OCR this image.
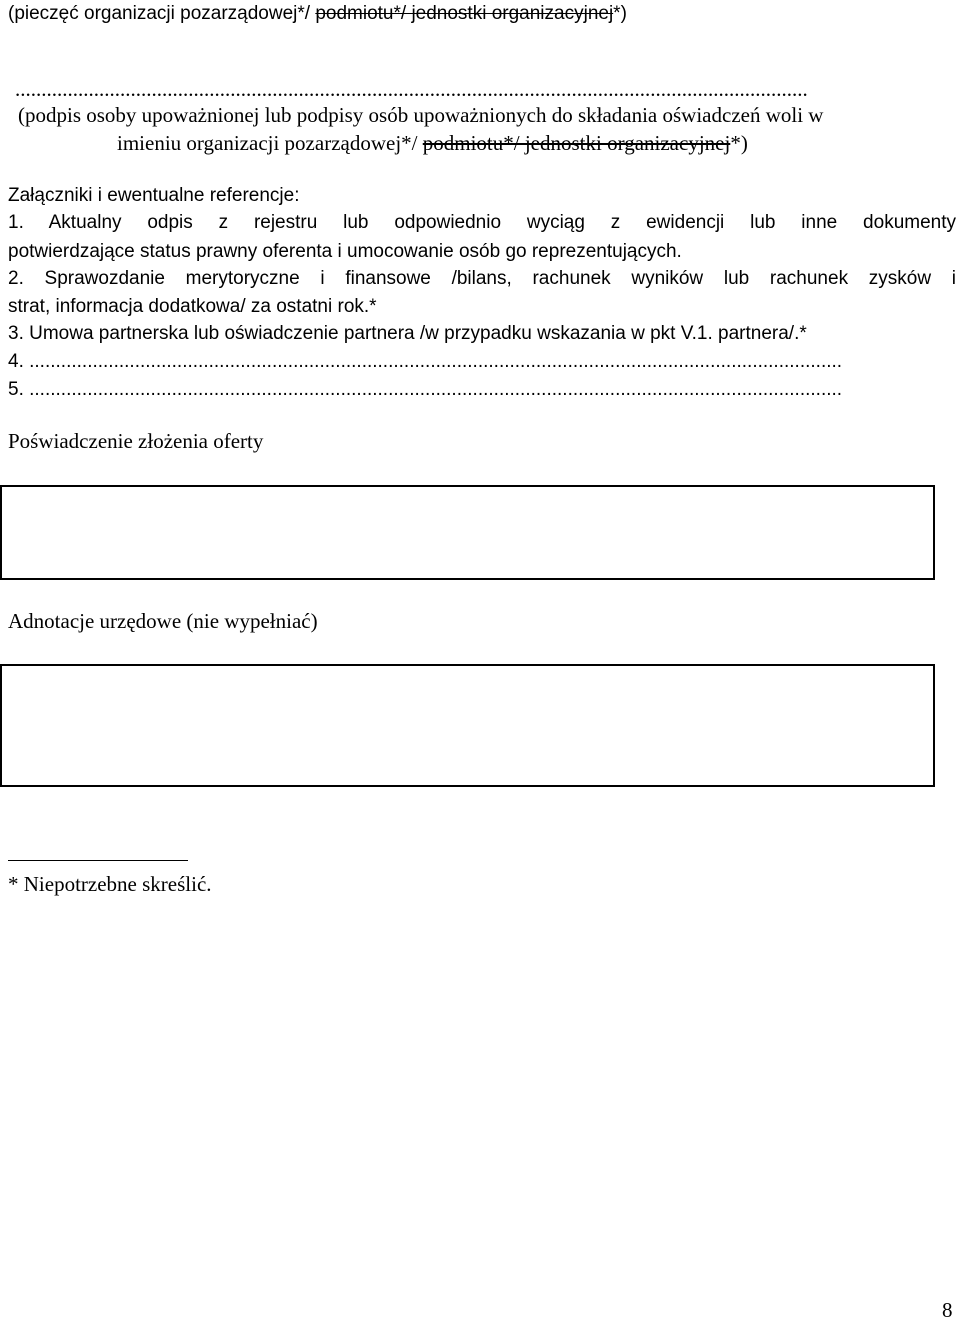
(pieczęć organizacji pozarządowej*/ podmiotu*/ jednostki organizacyjnej*)
.......................................................................................................................................................
(podpis osoby upoważnionej lub podpisy osób upoważnionych do składania oświadczeń woli w
imieniu organizacji pozarządowej*/ podmiotu*/ jednostki organizacyjnej*)
Załączniki i ewentualne referencje:
1. Aktualny odpis z rejestru lub odpowiednio wyciąg z ewidencji lub inne dokumenty
potwierdzające status prawny oferenta i umocowanie osób go reprezentujących.
2. Sprawozdanie merytoryczne i finansowe /bilans, rachunek wyników lub rachunek zysków i
strat, informacja dodatkowa/ za ostatni rok.*
3. Umowa partnerska lub oświadczenie partnera /w przypadku wskazania w pkt V.1. partnera/.*
4. ..........................................................................................................................................................
5. ..........................................................................................................................................................
Poświadczenie złożenia oferty
Adnotacje urzędowe (nie wypełniać)
* Niepotrzebne skreślić.
8
